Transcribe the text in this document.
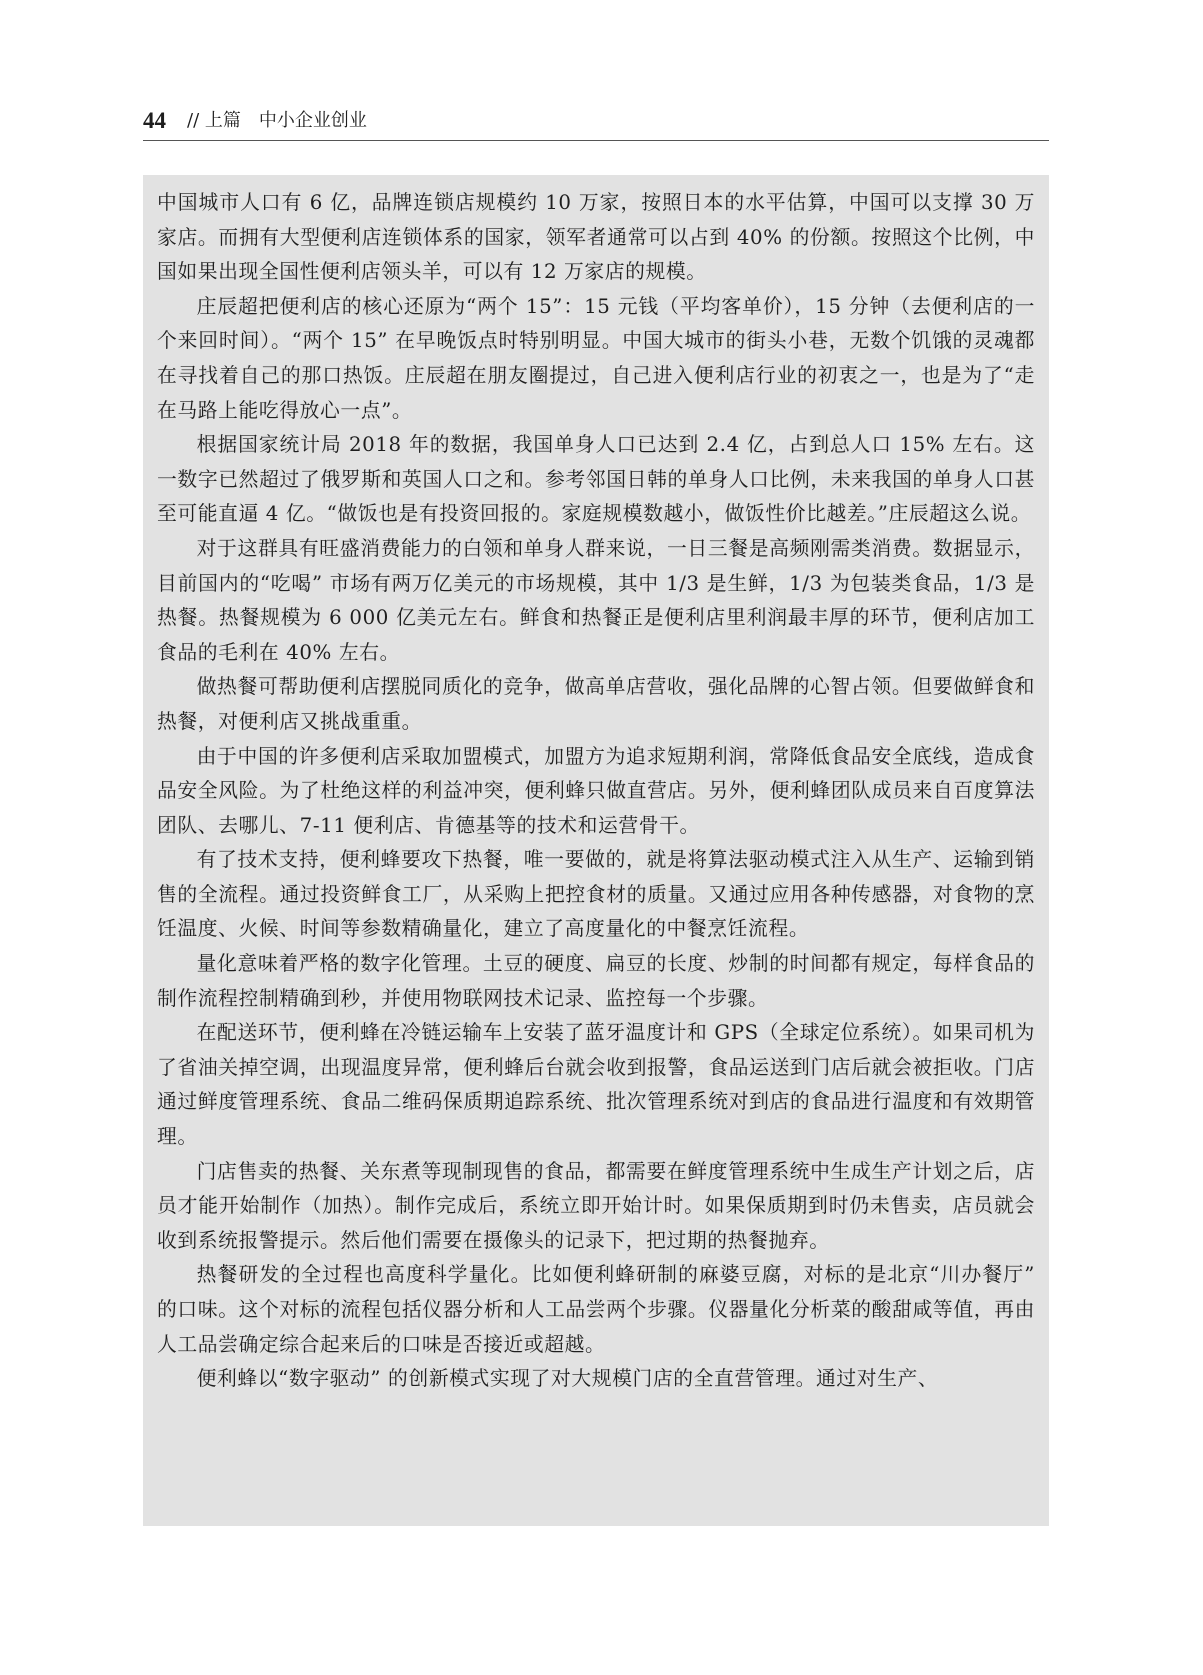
44 // 上篇　中小企业创业

中国城市人口有 6 亿，品牌连锁店规模约 10 万家，按照日本的水平估算，中国可以支撑 30 万家店。而拥有大型便利店连锁体系的国家，领军者通常可以占到 40% 的份额。按照这个比例，中国如果出现全国性便利店领头羊，可以有 12 万家店的规模。

庄辰超把便利店的核心还原为“两个 15”：15 元钱（平均客单价），15 分钟（去便利店的一个来回时间）。“两个 15” 在早晚饭点时特别明显。中国大城市的街头小巷，无数个饥饿的灵魂都在寻找着自己的那口热饭。庄辰超在朋友圈提过，自己进入便利店行业的初衷之一，也是为了“走在马路上能吃得放心一点”。

根据国家统计局 2018 年的数据，我国单身人口已达到 2.4 亿，占到总人口 15% 左右。这一数字已然超过了俄罗斯和英国人口之和。参考邻国日韩的单身人口比例，未来我国的单身人口甚至可能直逼 4 亿。“做饭也是有投资回报的。家庭规模数越小，做饭性价比越差。”庄辰超这么说。

对于这群具有旺盛消费能力的白领和单身人群来说，一日三餐是高频刚需类消费。数据显示，目前国内的“吃喝” 市场有两万亿美元的市场规模，其中 1/3 是生鲜，1/3 为包装类食品，1/3 是热餐。热餐规模为 6 000 亿美元左右。鲜食和热餐正是便利店里利润最丰厚的环节，便利店加工食品的毛利在 40% 左右。

做热餐可帮助便利店摆脱同质化的竞争，做高单店营收，强化品牌的心智占领。但要做鲜食和热餐，对便利店又挑战重重。

由于中国的许多便利店采取加盟模式，加盟方为追求短期利润，常降低食品安全底线，造成食品安全风险。为了杜绝这样的利益冲突，便利蜂只做直营店。另外，便利蜂团队成员来自百度算法团队、去哪儿、7-11 便利店、肯德基等的技术和运营骨干。

有了技术支持，便利蜂要攻下热餐，唯一要做的，就是将算法驱动模式注入从生产、运输到销售的全流程。通过投资鲜食工厂，从采购上把控食材的质量。又通过应用各种传感器，对食物的烹饪温度、火候、时间等参数精确量化，建立了高度量化的中餐烹饪流程。

量化意味着严格的数字化管理。土豆的硬度、扁豆的长度、炒制的时间都有规定，每样食品的制作流程控制精确到秒，并使用物联网技术记录、监控每一个步骤。

在配送环节，便利蜂在冷链运输车上安装了蓝牙温度计和 GPS（全球定位系统）。如果司机为了省油关掉空调，出现温度异常，便利蜂后台就会收到报警，食品运送到门店后就会被拒收。门店通过鲜度管理系统、食品二维码保质期追踪系统、批次管理系统对到店的食品进行温度和有效期管理。

门店售卖的热餐、关东煮等现制现售的食品，都需要在鲜度管理系统中生成生产计划之后，店员才能开始制作（加热）。制作完成后，系统立即开始计时。如果保质期到时仍未售卖，店员就会收到系统报警提示。然后他们需要在摄像头的记录下，把过期的热餐抛弃。

热餐研发的全过程也高度科学量化。比如便利蜂研制的麻婆豆腐，对标的是北京“川办餐厅” 的口味。这个对标的流程包括仪器分析和人工品尝两个步骤。仪器量化分析菜的酸甜咸等值，再由人工品尝确定综合起来后的口味是否接近或超越。

便利蜂以“数字驱动” 的创新模式实现了对大规模门店的全直营管理。通过对生产、
